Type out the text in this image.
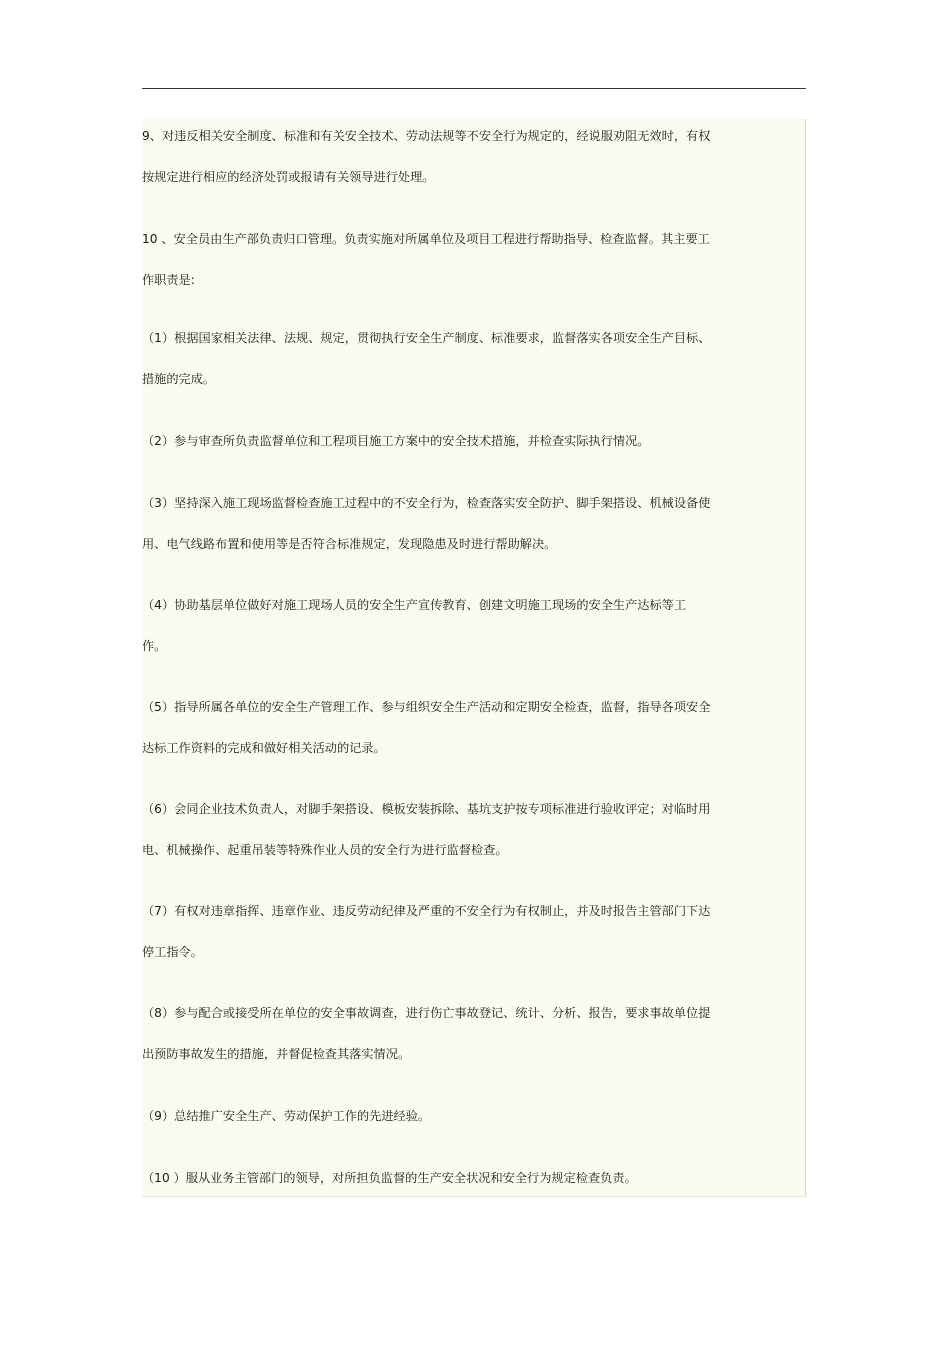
9、对违反相关安全制度、标准和有关安全技术、劳动法规等不安全行为规定的，经说服劝阻无效时，有权
按规定进行相应的经济处罚或报请有关领导进行处理。

10 、安全员由生产部负责归口管理。负责实施对所属单位及项目工程进行帮助指导、检查监督。其主要工
作职责是:

（1）根据国家相关法律、法规、规定，贯彻执行安全生产制度、标准要求，监督落实各项安全生产目标、
措施的完成。

（2）参与审查所负责监督单位和工程项目施工方案中的安全技术措施，并检查实际执行情况。

（3）坚持深入施工现场监督检查施工过程中的不安全行为，检查落实安全防护、脚手架搭设、机械设备使
用、电气线路布置和使用等是否符合标准规定，发现隐患及时进行帮助解决。

（4）协助基层单位做好对施工现场人员的安全生产宣传教育、创建文明施工现场的安全生产达标等工
作。

（5）指导所属各单位的安全生产管理工作、参与组织安全生产活动和定期安全检查，监督，指导各项安全
达标工作资料的完成和做好相关活动的记录。

（6）会同企业技术负责人，对脚手架搭设、模板安装拆除、基坑支护按专项标准进行验收评定；对临时用
电、机械操作、起重吊装等特殊作业人员的安全行为进行监督检查。

（7）有权对违章指挥、违章作业、违反劳动纪律及严重的不安全行为有权制止，并及时报告主管部门下达
停工指令。

（8）参与配合或接受所在单位的安全事故调查，进行伤亡事故登记、统计、分析、报告，要求事故单位提
出预防事故发生的措施，并督促检查其落实情况。

（9）总结推广安全生产、劳动保护工作的先进经验。

（10 ）服从业务主管部门的领导，对所担负监督的生产安全状况和安全行为规定检查负责。
